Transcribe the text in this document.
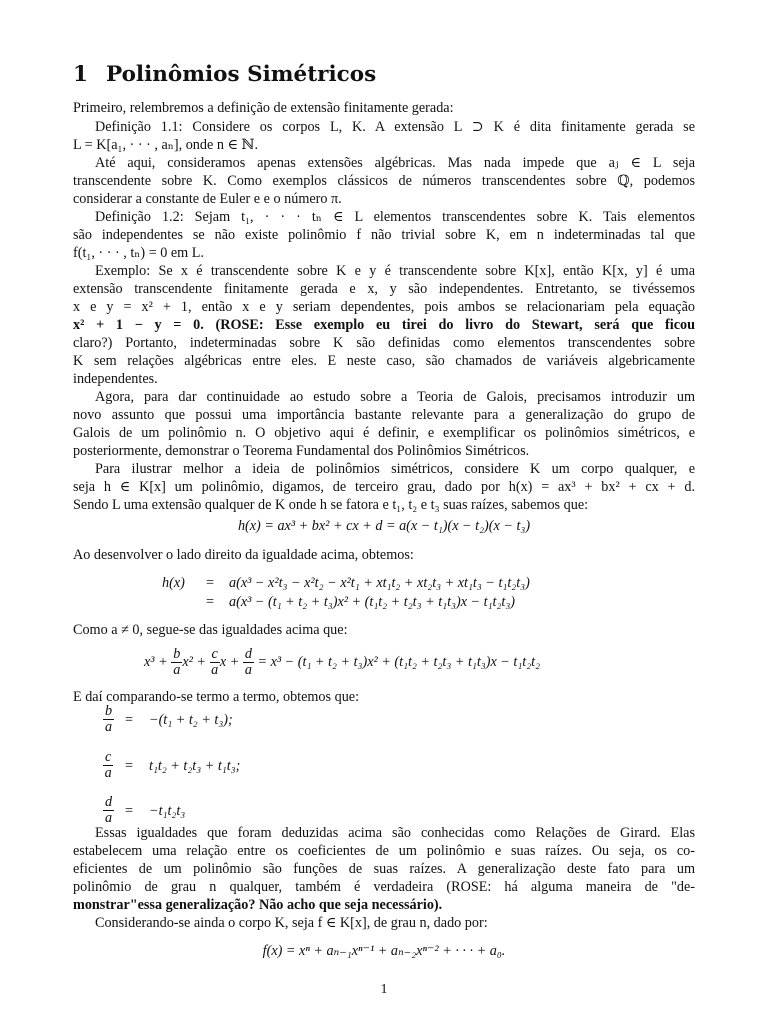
1 Polinômios Simétricos
Primeiro, relembremos a definição de extensão finitamente gerada:
Definição 1.1: Considere os corpos L, K. A extensão L ⊃ K é dita finitamente gerada se
L = K[a₁, · · · , aₙ], onde n ∈ ℕ.
Até aqui, consideramos apenas extensões algébricas. Mas nada impede que aⱼ ∈ L seja
transcendente sobre K. Como exemplos clássicos de números transcendentes sobre ℚ, podemos
considerar a constante de Euler e e o número π.
Definição 1.2: Sejam t₁, · · · tₙ ∈ L elementos transcendentes sobre K. Tais elementos
são independentes se não existe polinômio f não trivial sobre K, em n indeterminadas tal que
f(t₁, · · · , tₙ) = 0 em L.
Exemplo: Se x é transcendente sobre K e y é transcendente sobre K[x], então K[x, y] é uma
extensão transcendente finitamente gerada e x, y são independentes. Entretanto, se tivéssemos
x e y = x² + 1, então x e y seriam dependentes, pois ambos se relacionariam pela equação
x² + 1 − y = 0. (ROSE: Esse exemplo eu tirei do livro do Stewart, será que ficou
claro?) Portanto, indeterminadas sobre K são definidas como elementos transcendentes sobre
K sem relações algébricas entre eles. E neste caso, são chamados de variáveis algebricamente
independentes.
Agora, para dar continuidade ao estudo sobre a Teoria de Galois, precisamos introduzir um
novo assunto que possui uma importância bastante relevante para a generalização do grupo de
Galois de um polinômio n. O objetivo aqui é definir, e exemplificar os polinômios simétricos, e
posteriormente, demonstrar o Teorema Fundamental dos Polinômios Simétricos.
Para ilustrar melhor a ideia de polinômios simétricos, considere K um corpo qualquer, e
seja h ∈ K[x] um polinômio, digamos, de terceiro grau, dado por h(x) = ax³ + bx² + cx + d.
Sendo L uma extensão qualquer de K onde h se fatora e t₁, t₂ e t₃ suas raízes, sabemos que:
h(x) = ax³ + bx² + cx + d = a(x − t₁)(x − t₂)(x − t₃)
Ao desenvolver o lado direito da igualdade acima, obtemos:
h(x) = a(x³ − x²t₃ − x²t₂ − x²t₁ + xt₁t₂ + xt₂t₃ + xt₁t₃ − t₁t₂t₃)
= a(x³ − (t₁ + t₂ + t₃)x² + (t₁t₂ + t₂t₃ + t₁t₃)x − t₁t₂t₃)
Como a ≠ 0, segue-se das igualdades acima que:
$x^3 + \frac{b}{a} x^2 + \frac{c}{a}$ $x + \frac{d}{a} = x^3 - (t_1 + t_2 + t_3)x^2 + (t_1t_2 + t_2t_3 + t_1t_3)x - t_1t_2t_2$
E daí comparando-se termo a termo, obtemos que:
$\frac{b}{a} = -(t_1 + t_2 + t_3)$;
$\frac{c}{a} = t_1t_2 + t_2t_3 + t_1t_3$;
$\frac{d}{a} = -t_1t_2t_3$
Essas igualdades que foram deduzidas acima são conhecidas como Relações de Girard. Elas
estabelecem uma relação entre os coeficientes de um polinômio e suas raízes. Ou seja, os co-
eficientes de um polinômio são funções de suas raízes. A generalização deste fato para um
polinômio de grau n qualquer, também é verdadeira (ROSE: há alguma maneira de "de-
monstrar"essa generalização? Não acho que seja necessário).
Considerando-se ainda o corpo K, seja f ∈ K[x], de grau n, dado por:
f(x) = xⁿ + aₙ₋₁xⁿ⁻¹ + aₙ₋₂xⁿ⁻² + · · · + a₀.
1
